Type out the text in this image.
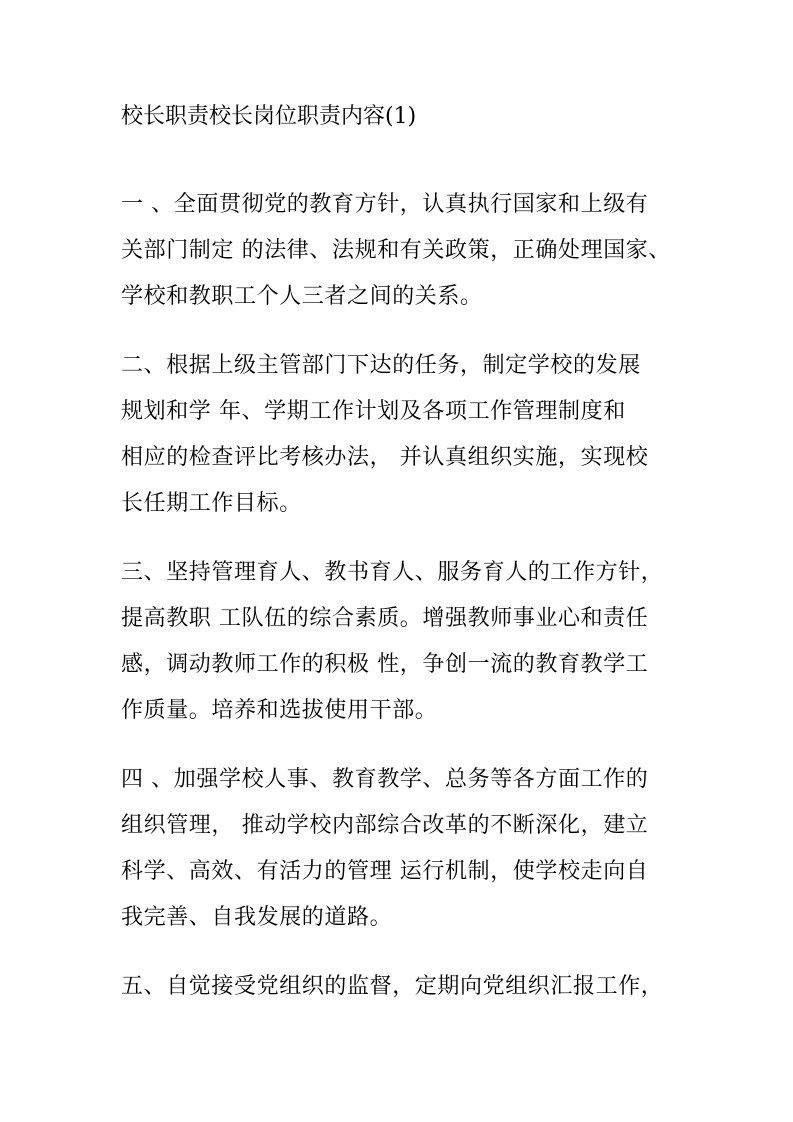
校长职责校长岗位职责内容(1)

一 、全面贯彻党的教育方针，认真执行国家和上级有
关部门制定 的法律、法规和有关政策，正确处理国家、
学校和教职工个人三者之间的关系。

二、根据上级主管部门下达的任务，制定学校的发展
规划和学 年、学期工作计划及各项工作管理制度和
相应的检查评比考核办法， 并认真组织实施，实现校
长任期工作目标。

三、坚持管理育人、教书育人、服务育人的工作方针，
提高教职 工队伍的综合素质。增强教师事业心和责任
感，调动教师工作的积极 性，争创一流的教育教学工
作质量。培养和选拔使用干部。

四 、加强学校人事、教育教学、总务等各方面工作的
组织管理， 推动学校内部综合改革的不断深化，建立
科学、高效、有活力的管理 运行机制，使学校走向自
我完善、自我发展的道路。

五、自觉接受党组织的监督，定期向党组织汇报工作，
